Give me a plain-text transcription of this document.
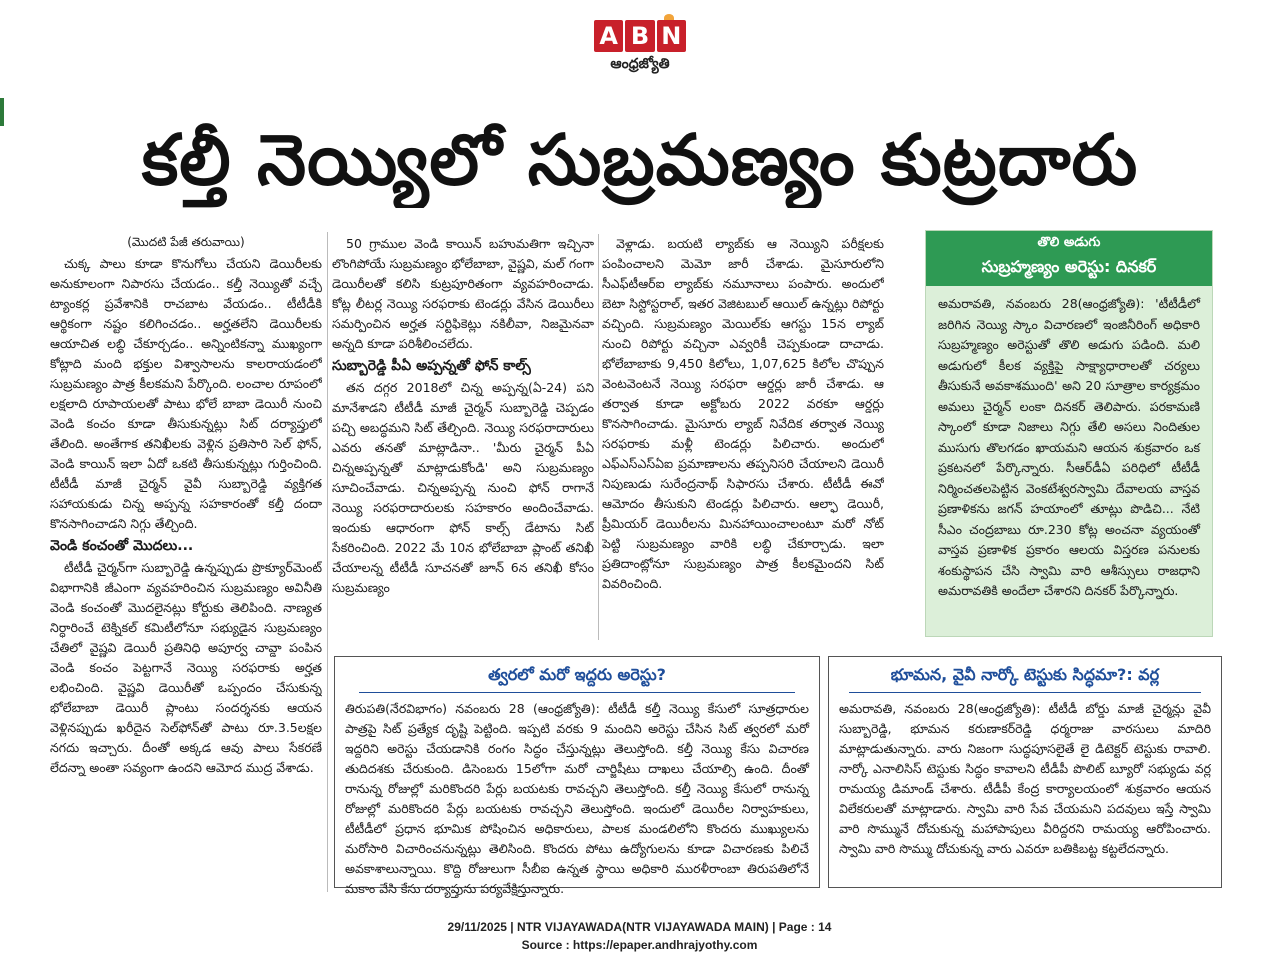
A B N
ఆంధ్రజ్యోతి
కల్తీ నెయ్యిలో సుబ్రమణ్యం కుట్రదారు
(మొదటి పేజీ తరువాయి)

చుక్క పాలు కూడా కొనుగోలు చేయని డెయిరీలకు అనుకూలంగా నిపారసు చేయడం.. కల్తీ నెయ్యితో వచ్చే ట్యాంకర్ల ప్రవేశానికి రాచబాట వేయడం.. టీటీడీకి ఆర్థికంగా నష్టం కలిగించడం.. అర్హతలేని డెయిరీలకు ఆయాచిత లబ్ధి చేకూర్చడం.. అన్నింటికన్నా ముఖ్యంగా కోట్లాది మంది భక్తుల విశ్వాసాలను కాలరాయడంలో సుబ్రమణ్యం పాత్ర కీలకమని పేర్కొంది. లంచాల రూపంలో లక్షలాది రూపాయలతో పాటు భోలే బాబా డెయిరీ నుంచి వెండి కంచం కూడా తీసుకున్నట్లు సిట్ దర్యాప్తులో తేలింది. అంతేగాక తనిఖీలకు వెళ్లిన ప్రతిసారి సెల్ ఫోన్, వెండి కాయిన్ ఇలా ఏదో ఒకటి తీసుకున్నట్లు గుర్తించింది. టీటీడీ మాజీ చైర్మన్ వైవీ సుబ్బారెడ్డి వ్యక్తిగత సహాయకుడు చిన్న అప్పన్న సహకారంతో కల్తీ దందా కొనసాగించాడని నిగ్గు తేల్చింది.

వెండి కంచంతో మొదలు...

టీటీడీ చైర్మన్‌గా సుబ్బారెడ్డి ఉన్నప్పుడు ప్రొక్యూర్‌మెంట్ విభాగానికి జీఎంగా వ్యవహరించిన సుబ్రమణ్యం అవినీతి వెండి కంచంతో మొదలైనట్లు కోర్టుకు తెలిపింది. నాణ్యత నిర్ధారించే టెక్నికల్ కమిటీలోనూ సభ్యుడైన సుబ్రమణ్యం చేతిలో వైష్ణవి డెయిరీ ప్రతినిధి అపూర్వ చావ్డా పంపిన వెండి కంచం పెట్టగానే నెయ్యి సరఫరాకు అర్హత లభించింది. వైష్ణవి డెయిరీతో ఒప్పందం చేసుకున్న భోలేబాబా డెయిరీ ప్లాంటు సందర్శనకు ఆయన వెళ్లినప్పుడు ఖరీదైన సెల్‌ఫోన్‌తో పాటు రూ.3.5లక్షల నగదు ఇచ్చారు. దీంతో అక్కడ ఆవు పాలు సేకరణే లేదన్నా అంతా సవ్యంగా ఉందని ఆమోద ముద్ర వేశాడు.

50 గ్రాముల వెండి కాయిన్ బహుమతిగా ఇచ్చినా లొంగిపోయే సుబ్రమణ్యం భోలేబాబా, వైష్ణవి, మల్ గంగా డెయిరీలతో కలిసి కుట్రపూరితంగా వ్యవహరించాడు. కోట్ల లీటర్ల నెయ్యి సరఫరాకు టెండర్లు వేసిన డెయిరీలు సమర్పించిన అర్హత సర్టిఫికెట్లు నకిలీవా, నిజమైనవా అన్నది కూడా పరిశీలించలేదు.

సుబ్బారెడ్డి పీఏ అప్పన్నతో ఫోన్ కాల్స్

తన దగ్గర 2018లో చిన్న అప్పన్న(ఏ-24) పని మానేశాడని టీటీడీ మాజీ చైర్మన్ సుబ్బారెడ్డి చెప్పడం పచ్చి అబద్ధమని సిట్ తేల్చింది. నెయ్యి సరఫరాదారులు ఎవరు తనతో మాట్లాడినా.. 'మీరు చైర్మన్ పీఏ చిన్నఅప్పన్నతో మాట్లాడుకోండి' అని సుబ్రమణ్యం సూచించేవాడు. చిన్నఅప్పన్న నుంచి ఫోన్ రాగానే నెయ్యి సరఫరాదారులకు సహకారం అందించేవాడు. ఇందుకు ఆధారంగా ఫోన్ కాల్స్ డేటాను సిట్ సేకరించింది. 2022 మే 10న భోలేబాబా ప్లాంట్ తనిఖీ చేయాలన్న టీటీడీ సూచనతో జూన్ 6న తనిఖీ కోసం సుబ్రమణ్యం

వెళ్లాడు. బయటి ల్యాబ్‌కు ఆ నెయ్యిని పరీక్షలకు పంపించాలని మెమో జారీ చేశాడు. మైసూరులోని సీఎఫ్‌టీఆర్‌ఐ ల్యాబ్‌కు నమూనాలు పంపారు. అందులో బెటా సిస్టోస్టరాల్, ఇతర వెజిటబుల్ ఆయిల్ ఉన్నట్లు రిపోర్టు వచ్చింది. సుబ్రమణ్యం మెయిల్‌కు ఆగస్టు 15న ల్యాబ్ నుంచి రిపోర్టు వచ్చినా ఎవ్వరికీ చెప్పకుండా దాచాడు. భోలేబాబాకు 9,450 కిలోలు, 1,07,625 కిలోల చొప్పున వెంటవెంటనే నెయ్యి సరఫరా ఆర్డర్లు జారీ చేశాడు. ఆ తర్వాత కూడా అక్టోబరు 2022 వరకూ ఆర్డర్లు కొనసాగించాడు. మైసూరు ల్యాబ్ నివేదిక తర్వాత నెయ్యి సరఫరాకు మళ్లీ టెండర్లు పిలిచారు. అందులో ఎఫ్ఎస్ఎస్ఏఐ ప్రమాణాలను తప్పనిసరి చేయాలని డెయిరీ నిపుణుడు సురేంద్రనాథ్ సిఫారసు చేశారు. టీటీడీ ఈవో ఆమోదం తీసుకుని టెండర్లు పిలిచారు. ఆల్ఫా డెయిరీ, ప్రీమియర్ డెయిరీలను మినహాయించాలంటూ మరో నోట్ పెట్టి సుబ్రమణ్యం వారికి లబ్ధి చేకూర్చాడు. ఇలా ప్రతిదాంట్లోనూ సుబ్రమణ్యం పాత్ర కీలకమైందని సిట్ వివరించింది.

తొలి అడుగు
సుబ్రహ్మణ్యం అరెస్టు: దినకర్
అమరావతి, నవంబరు 28(ఆంధ్రజ్యోతి): 'టీటీడీలో జరిగిన నెయ్యి స్కాం విచారణలో ఇంజినీరింగ్ అధికారి సుబ్రహ్మణ్యం అరెస్టుతో తొలి అడుగు పడింది. మలి అడుగులో కీలక వ్యక్తిపై సాక్ష్యాధారాలతో చర్యలు తీసుకునే అవకాశముంది' అని 20 సూత్రాల కార్యక్రమం అమలు చైర్మన్ లంకా దినకర్ తెలిపారు. పరకామణి స్కాంలో కూడా నిజాలు నిగ్గు తేలి అసలు నిందితుల ముసుగు తొలగడం ఖాయమని ఆయన శుక్రవారం ఒక ప్రకటనలో పేర్కొన్నారు. సీఆర్‌డీఏ పరిధిలో టీటీడీ నిర్మించతలపెట్టిన వెంకటేశ్వరస్వామి దేవాలయ వాస్తవ ప్రణాళికను జగన్ హయాంలో తూట్లు పొడిచి... నేటి సీఎం చంద్రబాబు రూ.230 కోట్ల అంచనా వ్యయంతో వాస్తవ ప్రణాళిక ప్రకారం ఆలయ విస్తరణ పనులకు శంకుస్థాపన చేసి స్వామి వారి ఆశీస్సులు రాజధాని అమరావతికి అందేలా చేశారని దినకర్ పేర్కొన్నారు.
త్వరలో మరో ఇద్దరు అరెస్టు?
తిరుపతి(నేరవిభాగం) నవంబరు 28 (ఆంధ్రజ్యోతి): టీటీడీ కల్తీ నెయ్యి కేసులో సూత్రధారుల పాత్రపై సిట్ ప్రత్యేక దృష్టి పెట్టింది. ఇప్పటి వరకు 9 మందిని అరెస్టు చేసిన సిట్ త్వరలో మరో ఇద్దరిని అరెస్టు చేయడానికి రంగం సిద్ధం చేస్తున్నట్లు తెలుస్తోంది. కల్తీ నెయ్యి కేసు విచారణ తుదిదశకు చేరుకుంది. డిసెంబరు 15లోగా మరో చార్జిషీటు దాఖలు చేయాల్సి ఉంది. దీంతో రానున్న రోజుల్లో మరికొందరి పేర్లు బయటకు రావచ్చని తెలుస్తోంది. కల్తీ నెయ్యి కేసులో రానున్న రోజుల్లో మరికొందరి పేర్లు బయటకు రావచ్చని తెలుస్తోంది. ఇందులో డెయిరీల నిర్వాహకులు, టీటీడీలో ప్రధాన భూమిక పోషించిన అధికారులు, పాలక మండలిలోని కొందరు ముఖ్యులను మరోసారి విచారించనున్నట్లు తెలిసింది. కొందరు పోటు ఉద్యోగులను కూడా విచారణకు పిలిచే అవకాశాలున్నాయి. కొద్ది రోజులుగా సీబీఐ ఉన్నత స్థాయి అధికారి మురళీరాంబా తిరుపతిలోనే మకాం వేసి కేసు దర్యాప్తును పర్యవేక్షిస్తున్నారు.
భూమన, వైవీ నార్కో టెస్టుకు సిద్ధమా?: వర్ల
అమరావతి, నవంబరు 28(ఆంధ్రజ్యోతి): టీటీడీ బోర్డు మాజీ చైర్మన్లు వైవీ సుబ్బారెడ్డి, భూమన కరుణాకర్‌రెడ్డి ధర్మరాజు వారసులు మాదిరి మాట్లాడుతున్నారు. వారు నిజంగా సుద్ధపూసలైతే లై డిటెక్టర్ టెస్టుకు రావాలి. నార్కో ఎనాలిసిస్ టెస్టుకు సిద్ధం కావాలని టీడీపీ పొలిట్ బ్యూరో సభ్యుడు వర్ల రామయ్య డిమాండ్ చేశారు. టీడీపీ కేంద్ర కార్యాలయంలో శుక్రవారం ఆయన విలేకరులతో మాట్లాడారు. స్వామి వారి సేవ చేయమని పదవులు ఇస్తే స్వామి వారి సొమ్మునే దోచుకున్న మహాపాపులు వీరిద్దరని రామయ్య ఆరోపించారు. స్వామి వారి సొమ్ము దోచుకున్న వారు ఎవరూ బతికిబట్ట కట్టలేదన్నారు.
29/11/2025 | NTR VIJAYAWADA(NTR VIJAYAWADA MAIN) | Page : 14
Source : https://epaper.andhrajyothy.com
